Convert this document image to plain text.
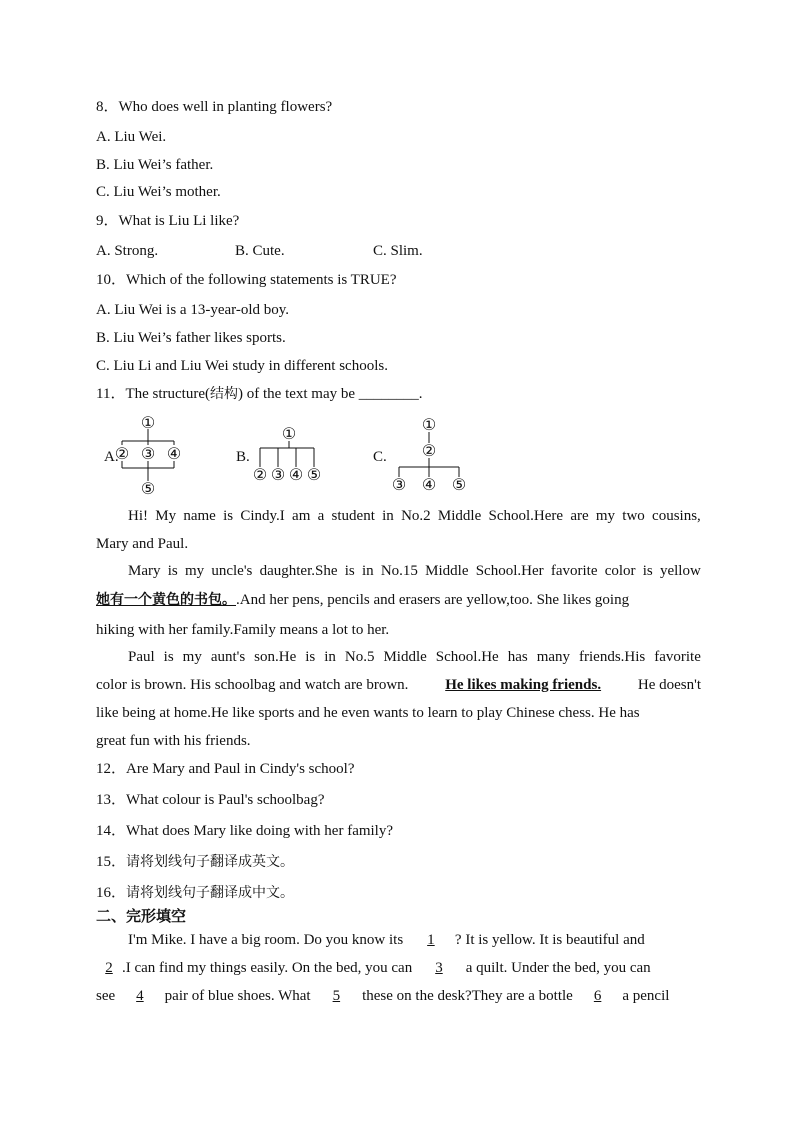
8．Who does well in planting flowers?
A. Liu Wei.
B. Liu Wei’s father.
C. Liu Wei’s mother.
9．What is Liu Li like?
A. Strong.	B. Cute.	C. Slim.
10．Which of the following statements is TRUE?
A. Liu Wei is a 13-year-old boy.
B. Liu Wei’s father likes sports.
C. Liu Li and Liu Wei study in different schools.
11．The structure(结构) of the text may be ________.
A.	B.	C.
①
② ③ ④
⑤
①
② ③ ④ ⑤
①
②
③ ④ ⑤
Hi! My name is Cindy.I am a student in No.2 Middle School.Here are my two cousins,
Mary and Paul.
Mary is my uncle's daughter.She is in No.15 Middle School.Her favorite color is yellow
她有一个黄色的书包。.And her pens, pencils and erasers are yellow,too. She likes going
hiking with her family.Family means a lot to her.
Paul is my aunt's son.He is in No.5 Middle School.He has many friends.His favorite
color is brown. His schoolbag and watch are brown. He likes making friends. He doesn't
like being at home.He like sports and he even wants to learn to play Chinese chess. He has
great fun with his friends.
12．Are Mary and Paul in Cindy's school?
13．What colour is Paul's schoolbag?
14．What does Mary like doing with her family?
15．请将划线句子翻译成英文。
16．请将划线句子翻译成中文。
二、完形填空
I'm Mike. I have a big room. Do you know its 1 ? It is yellow. It is beautiful and
2 .I can find my things easily. On the bed, you can 3 a quilt. Under the bed, you can
see 4 pair of blue shoes. What 5 these on the desk?They are a bottle 6 a pencil
